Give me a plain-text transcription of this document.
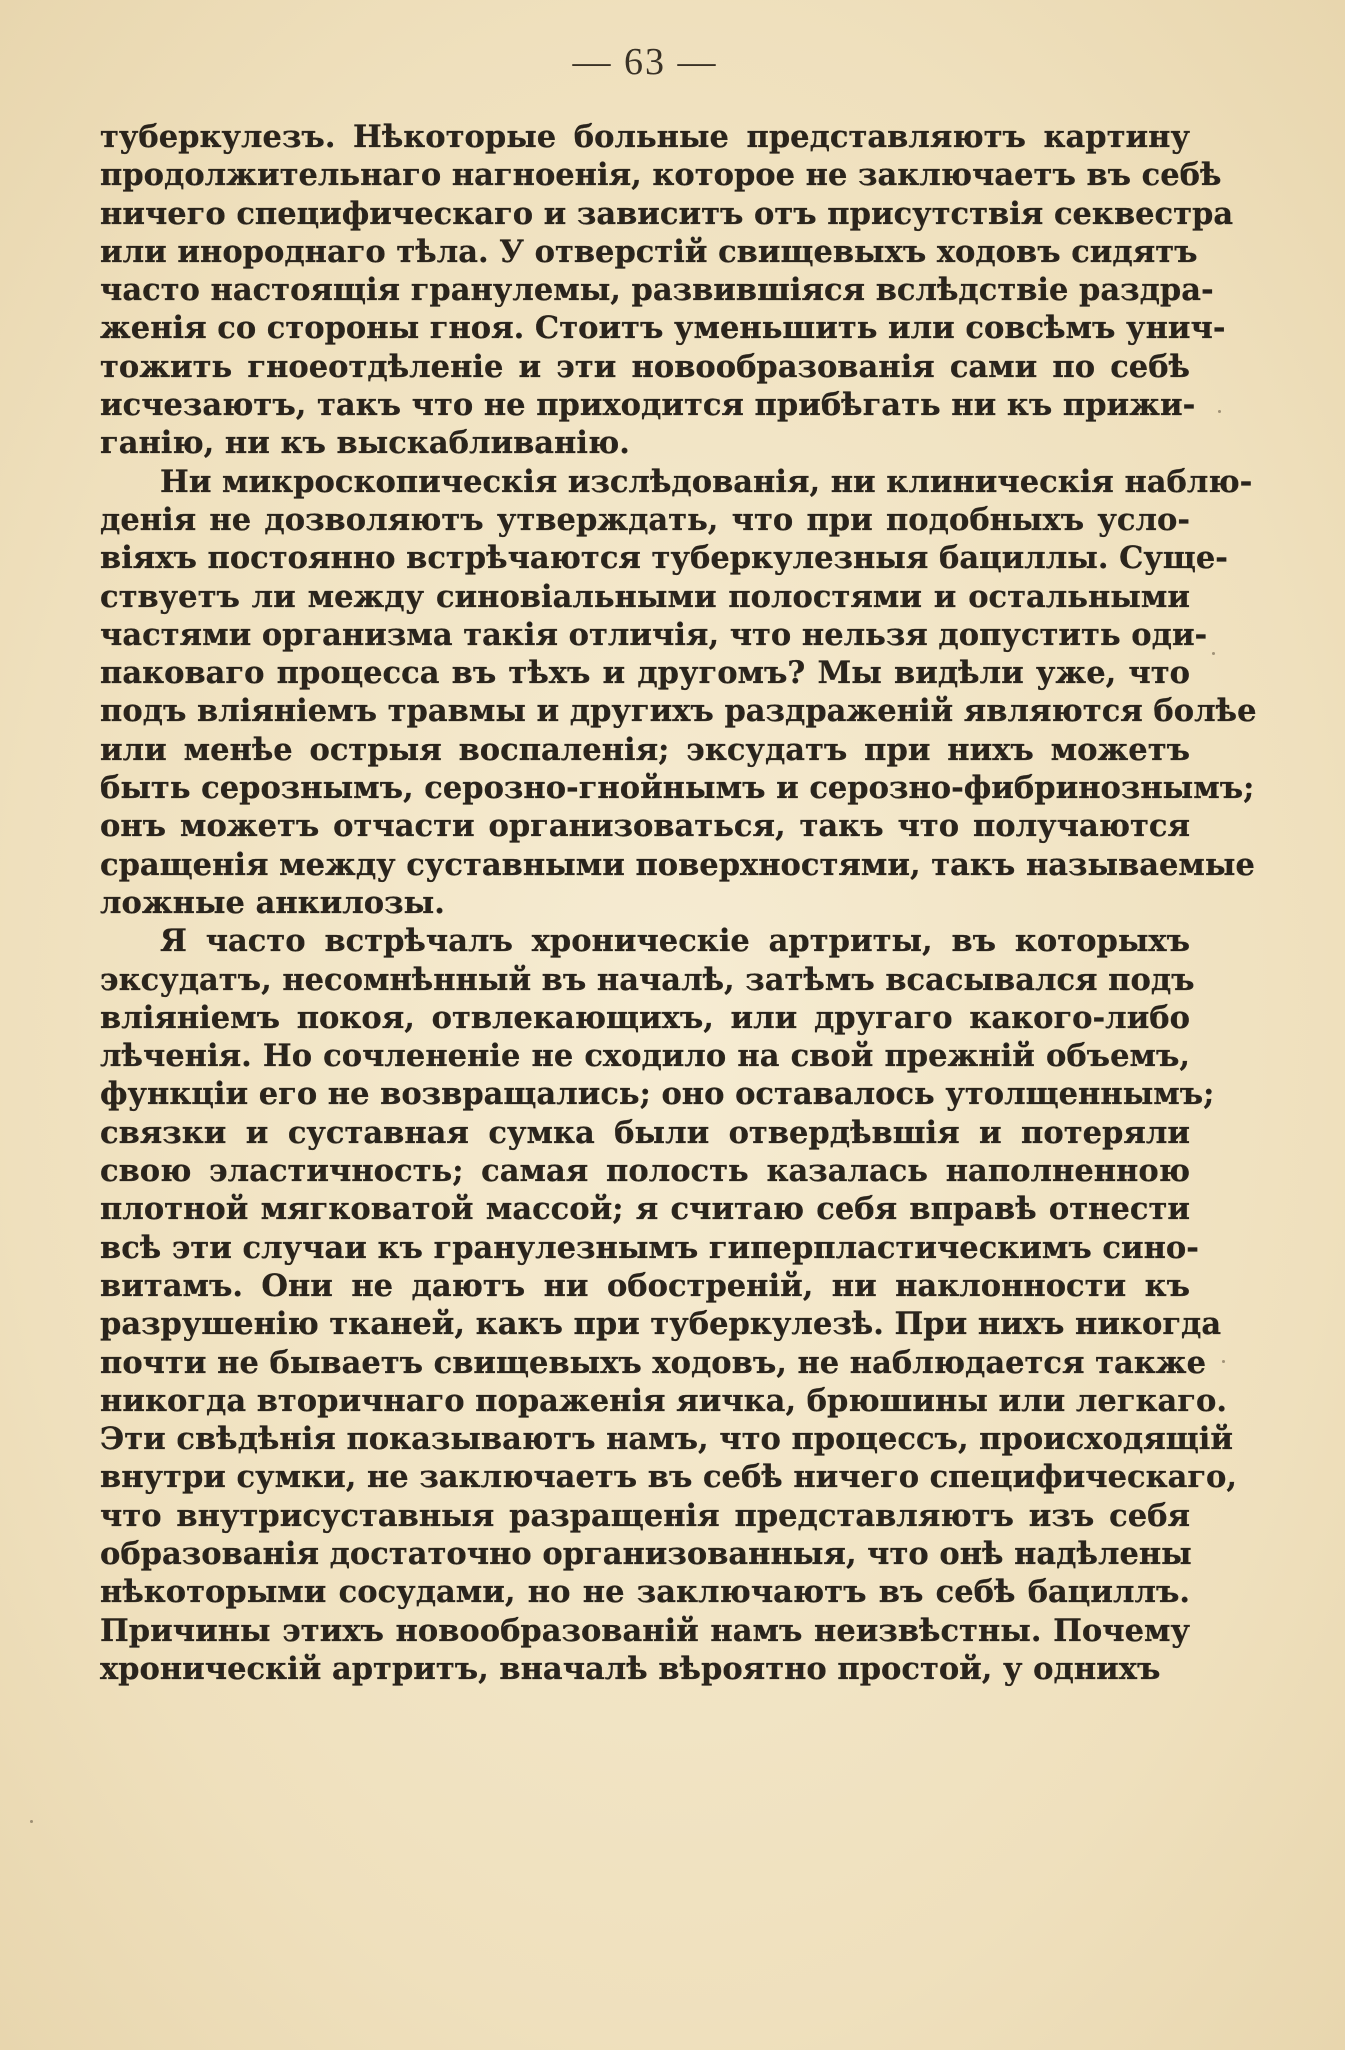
— 63 —
туберкулезъ. Нѣкоторые больные представляютъ картину
продолжительнаго нагноенія, которое не заключаетъ въ себѣ
ничего специфическаго и зависитъ отъ присутствія секвестра
или инороднаго тѣла. У отверстій свищевыхъ ходовъ сидятъ
часто настоящія гранулемы, развившіяся вслѣдствіе раздра-
женія со стороны гноя. Стоитъ уменьшить или совсѣмъ унич-
тожить гноеотдѣленіе и эти новообразованія сами по себѣ
исчезаютъ, такъ что не приходится прибѣгать ни къ прижи-
ганію, ни къ выскабливанію.
Ни микроскопическія изслѣдованія, ни клиническія наблю-
денія не дозволяютъ утверждать, что при подобныхъ усло-
віяхъ постоянно встрѣчаются туберкулезныя бациллы. Суще-
ствуетъ ли между синовіальными полостями и остальными
частями организма такія отличія, что нельзя допустить оди-
паковаго процесса въ тѣхъ и другомъ? Мы видѣли уже, что
подъ вліяніемъ травмы и другихъ раздраженій являются болѣе
или менѣе острыя воспаленія; эксудатъ при нихъ можетъ
быть серознымъ, серозно-гнойнымъ и серозно-фибринознымъ;
онъ можетъ отчасти организоваться, такъ что получаются
сращенія между суставными поверхностями, такъ называемые
ложные анкилозы.
Я часто встрѣчалъ хроническіе артриты, въ которыхъ
эксудатъ, несомнѣнный въ началѣ, затѣмъ всасывался подъ
вліяніемъ покоя, отвлекающихъ, или другаго какого-либо
лѣченія. Но сочлененіе не сходило на свой прежній объемъ,
функціи его не возвращались; оно оставалось утолщеннымъ;
связки и суставная сумка были отвердѣвшія и потеряли
свою эластичность; самая полость казалась наполненною
плотной мягковатой массой; я считаю себя вправѣ отнести
всѣ эти случаи къ гранулезнымъ гиперпластическимъ сино-
витамъ. Они не даютъ ни обостреній, ни наклонности къ
разрушенію тканей, какъ при туберкулезѣ. При нихъ никогда
почти не бываетъ свищевыхъ ходовъ, не наблюдается также
никогда вторичнаго пораженія яичка, брюшины или легкаго.
Эти свѣдѣнія показываютъ намъ, что процессъ, происходящій
внутри сумки, не заключаетъ въ себѣ ничего специфическаго,
что внутрисуставныя разращенія представляютъ изъ себя
образованія достаточно организованныя, что онѣ надѣлены
нѣкоторыми сосудами, но не заключаютъ въ себѣ бациллъ.
Причины этихъ новообразованій намъ неизвѣстны. Почему
хроническій артритъ, вначалѣ вѣроятно простой, у однихъ
